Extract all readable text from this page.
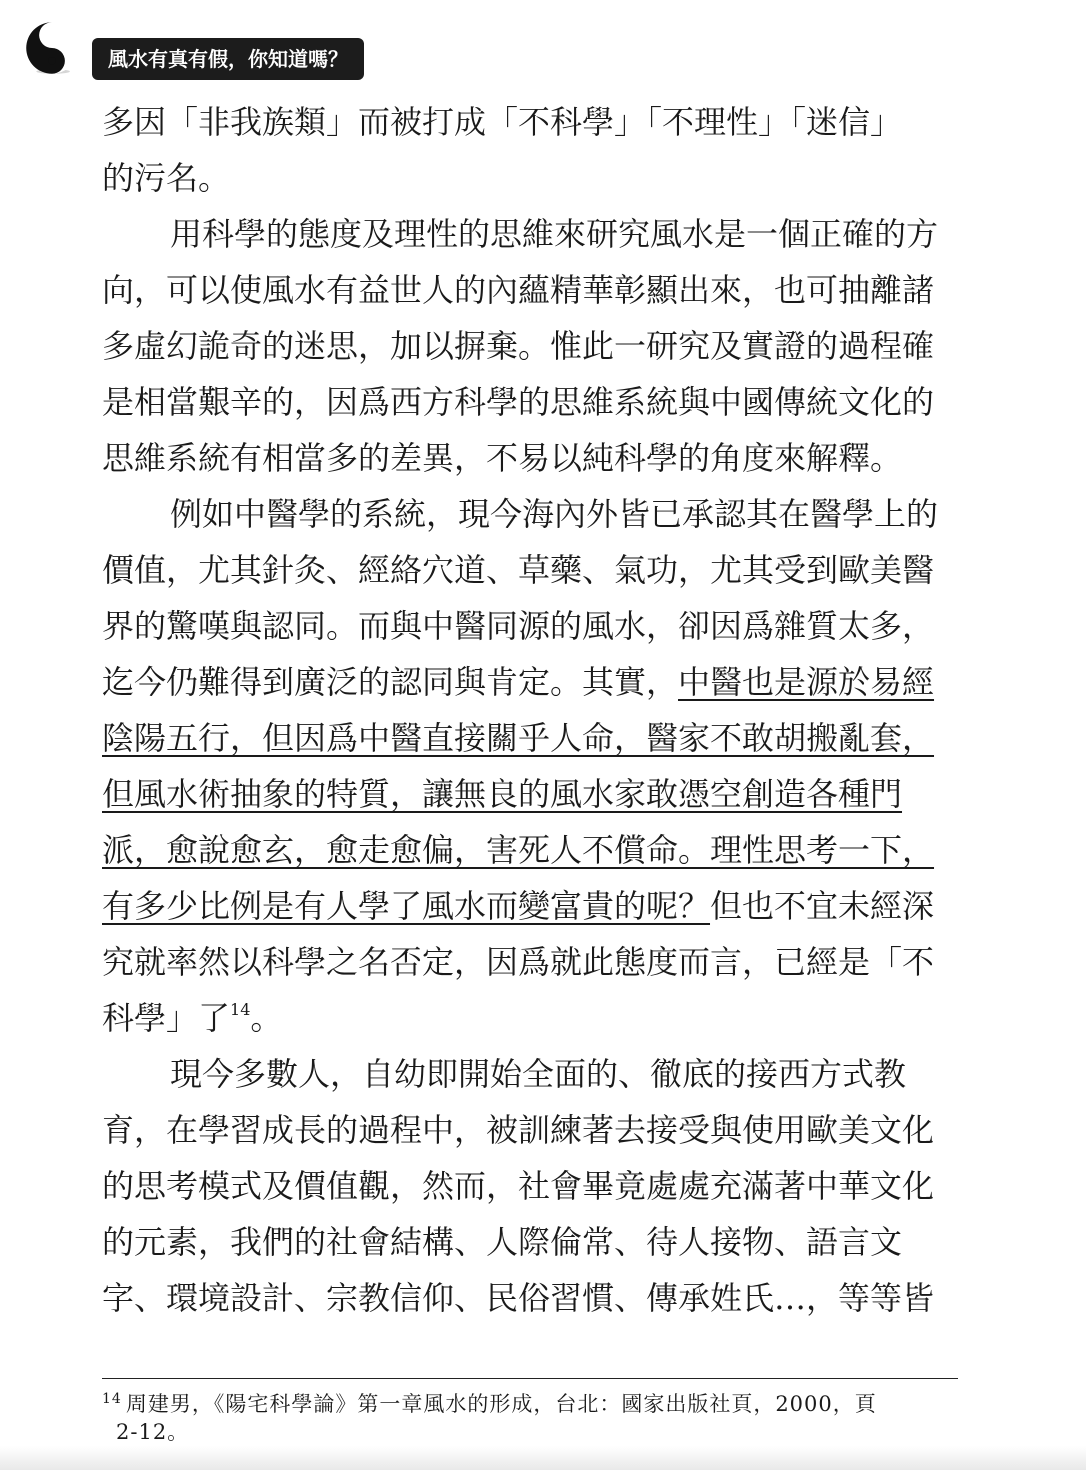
風水有真有假，你知道嗎？
多因「非我族類」而被打成「不科學」「不理性」「迷信」
的污名。
用科學的態度及理性的思維來研究風水是一個正確的方
向，可以使風水有益世人的內蘊精華彰顯出來，也可抽離諸
多虛幻詭奇的迷思，加以摒棄。惟此一研究及實證的過程確
是相當艱辛的，因爲西方科學的思維系統與中國傳統文化的
思維系統有相當多的差異，不易以純科學的角度來解釋。
例如中醫學的系統，現今海內外皆已承認其在醫學上的
價值，尤其針灸、經絡穴道、草藥、氣功，尤其受到歐美醫
界的驚嘆與認同。而與中醫同源的風水，卻因爲雜質太多，
迄今仍難得到廣泛的認同與肯定。其實，中醫也是源於易經
陰陽五行，但因爲中醫直接關乎人命，醫家不敢胡搬亂套，
但風水術抽象的特質，讓無良的風水家敢憑空創造各種門
派，愈說愈玄，愈走愈偏，害死人不償命。理性思考一下，
有多少比例是有人學了風水而變富貴的呢？但也不宜未經深
究就率然以科學之名否定，因爲就此態度而言，已經是「不
科學」了$^{14}$。
現今多數人，自幼即開始全面的、徹底的接西方式教
育，在學習成長的過程中，被訓練著去接受與使用歐美文化
的思考模式及價值觀，然而，社會畢竟處處充滿著中華文化
的元素，我們的社會結構、人際倫常、待人接物、語言文
字、環境設計、宗教信仰、民俗習慣、傳承姓氏…，等等皆
$^{14}$ 周建男，《陽宅科學論》第一章風水的形成，台北：國家出版社頁，2000，頁
2-12。
